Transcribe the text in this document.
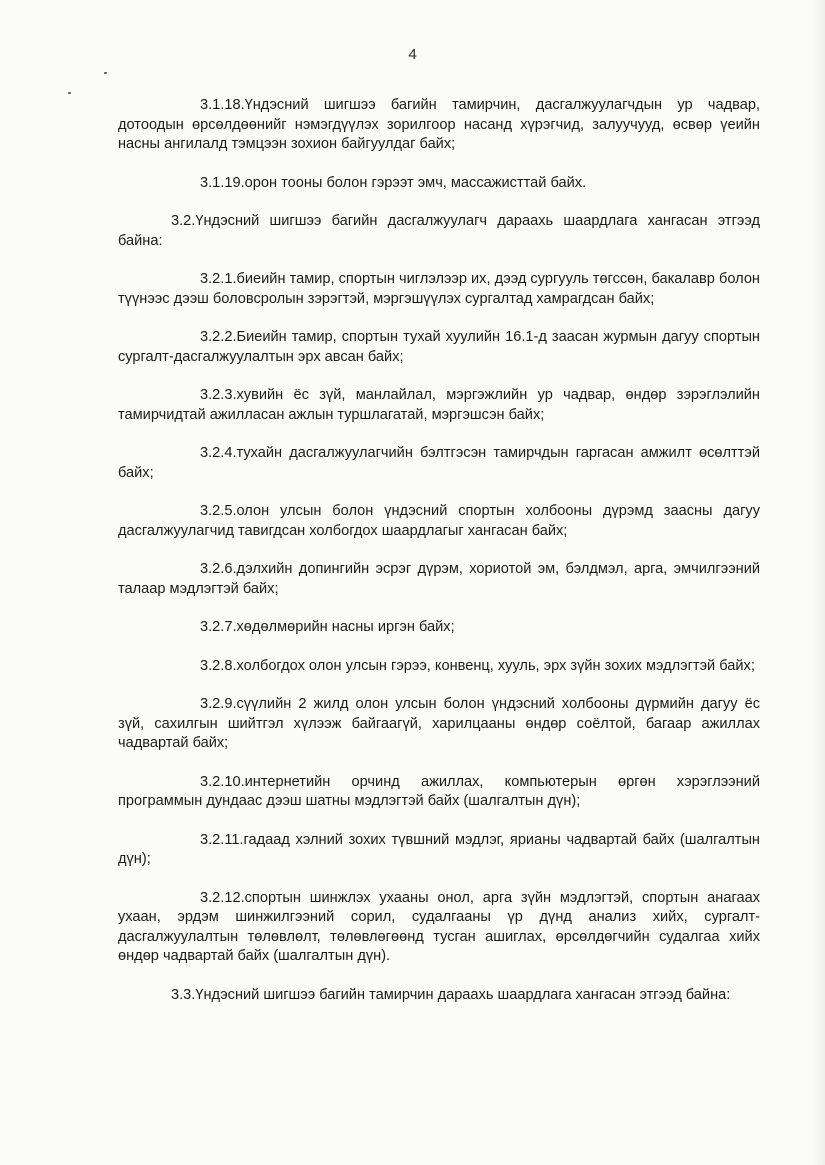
4

3.1.18.Үндэсний шигшээ багийн тамирчин, дасгалжуулагчдын ур чадвар, дотоодын өрсөлдөөнийг нэмэгдүүлэх зорилгоор насанд хүрэгчид, залуучууд, өсвөр үеийн насны ангилалд тэмцээн зохион байгуулдаг байх;

3.1.19.орон тооны болон гэрээт эмч, массажисттай байх.

3.2.Үндэсний шигшээ багийн дасгалжуулагч дараахь шаардлага хангасан этгээд байна:

3.2.1.биеийн тамир, спортын чиглэлээр их, дээд сургууль төгссөн, бакалавр болон түүнээс дээш боловсролын зэрэгтэй, мэргэшүүлэх сургалтад хамрагдсан байх;

3.2.2.Биеийн тамир, спортын тухай хуулийн 16.1-д заасан журмын дагуу спортын сургалт-дасгалжуулалтын эрх авсан байх;

3.2.3.хувийн ёс зүй, манлайлал, мэргэжлийн ур чадвар, өндөр зэрэглэлийн тамирчидтай ажилласан ажлын туршлагатай, мэргэшсэн байх;

3.2.4.тухайн дасгалжуулагчийн бэлтгэсэн тамирчдын гаргасан амжилт өсөлттэй байх;

3.2.5.олон улсын болон үндэсний спортын холбооны дүрэмд заасны дагуу дасгалжуулагчид тавигдсан холбогдох шаардлагыг хангасан байх;

3.2.6.дэлхийн допингийн эсрэг дүрэм, хориотой эм, бэлдмэл, арга, эмчилгээний талаар мэдлэгтэй байх;

3.2.7.хөдөлмөрийн насны иргэн байх;

3.2.8.холбогдох олон улсын гэрээ, конвенц, хууль, эрх зүйн зохих мэдлэгтэй байх;

3.2.9.сүүлийн 2 жилд олон улсын болон үндэсний холбооны дүрмийн дагуу ёс зүй, сахилгын шийтгэл хүлээж байгаагүй, харилцааны өндөр соёлтой, багаар ажиллах чадвартай байх;

3.2.10.интернетийн орчинд ажиллах, компьютерын өргөн хэрэглээний программын дундаас дээш шатны мэдлэгтэй байх (шалгалтын дүн);

3.2.11.гадаад хэлний зохих түвшний мэдлэг, ярианы чадвартай байх (шалгалтын дүн);

3.2.12.спортын шинжлэх ухааны онол, арга зүйн мэдлэгтэй, спортын анагаах ухаан, эрдэм шинжилгээний сорил, судалгааны үр дүнд анализ хийх, сургалт-дасгалжуулалтын төлөвлөлт, төлөвлөгөөнд тусган ашиглах, өрсөлдөгчийн судалгаа хийх өндөр чадвартай байх (шалгалтын дүн).

3.3.Үндэсний шигшээ багийн тамирчин дараахь шаардлага хангасан этгээд байна:
